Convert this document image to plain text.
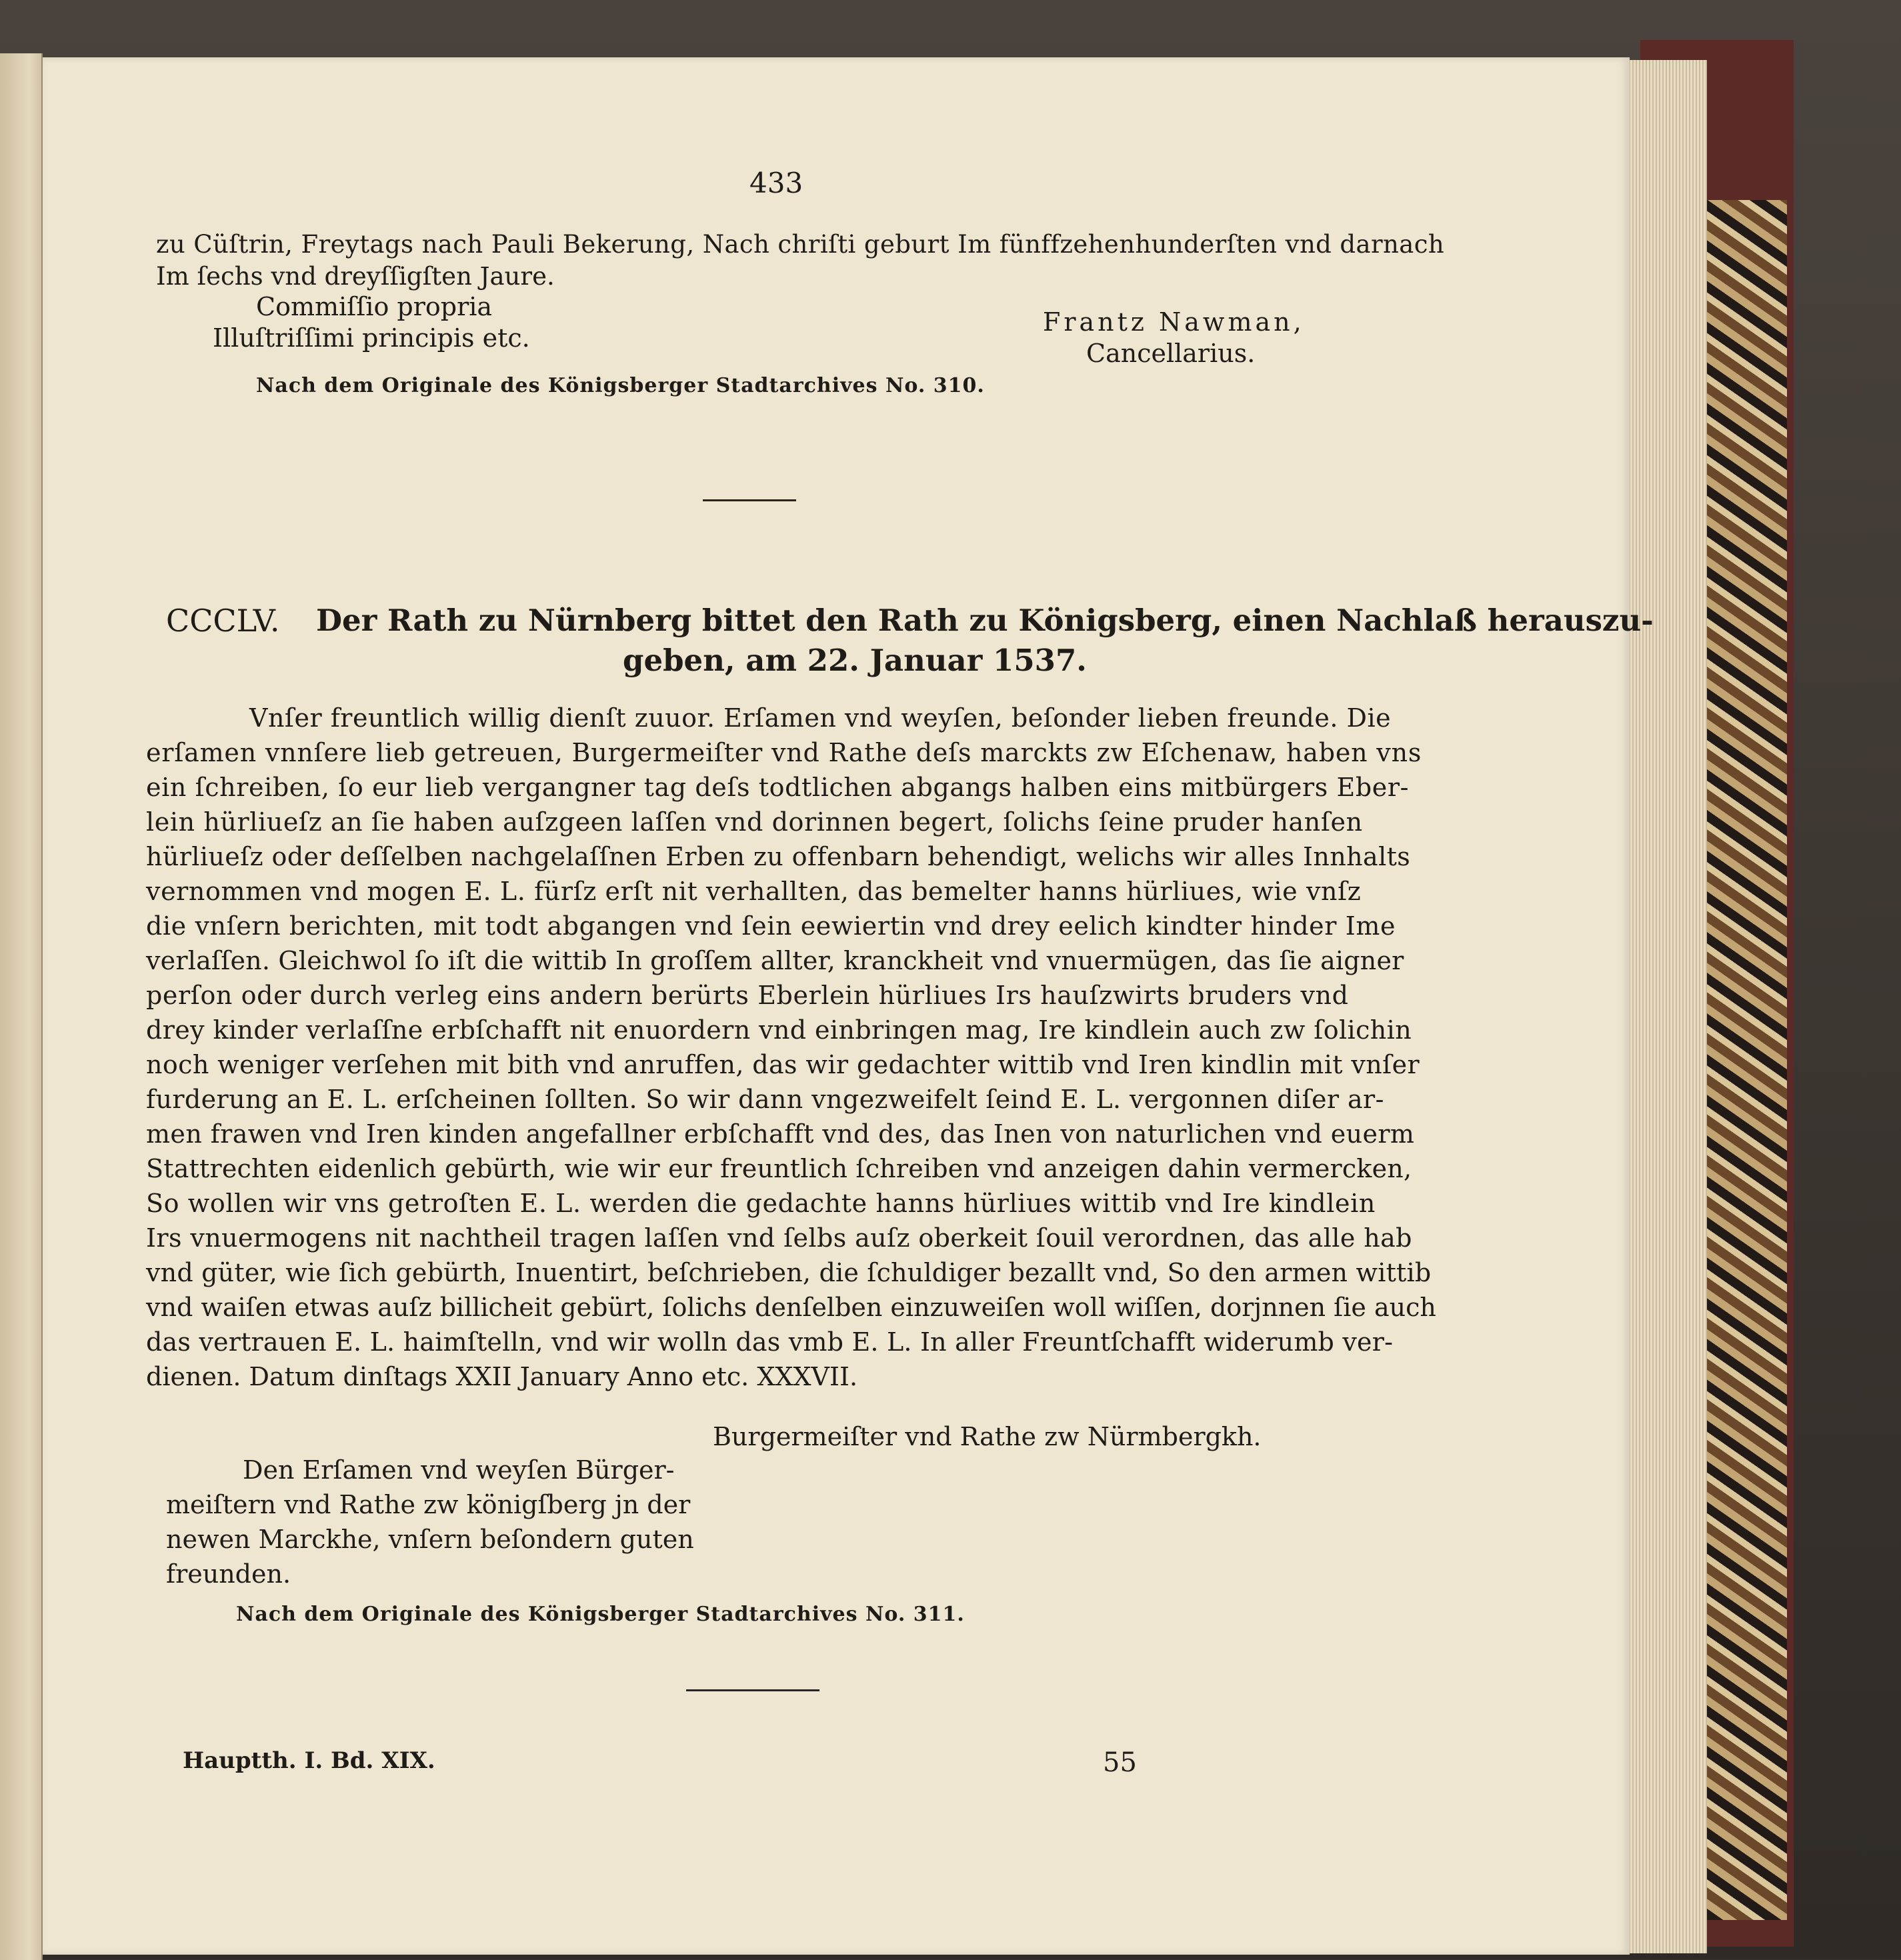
433
zu Cüſtrin, Freytags nach Pauli Bekerung, Nach chriſti geburt Im fünffzehenhunderſten vnd darnach
Im ſechs vnd dreyſſigſten Jaure.
Commiſſio propria
Illuſtriſſimi principis etc.
Frantz Nawman,
Cancellarius.
Nach dem Originale des Königsberger Stadtarchives No. 310.
CCCLV. Der Rath zu Nürnberg bittet den Rath zu Königsberg, einen Nachlaß herauszu-
geben, am 22. Januar 1537.
Vnſer freuntlich willig dienſt zuuor. Erſamen vnd weyſen, beſonder lieben freunde. Die
erſamen vnnſere lieb getreuen, Burgermeiſter vnd Rathe deſs marckts zw Eſchenaw, haben vns
ein ſchreiben, ſo eur lieb vergangner tag deſs todtlichen abgangs halben eins mitbürgers Eber-
lein hürliueſz an ſie haben auſzgeen laſſen vnd dorinnen begert, ſolichs ſeine pruder hanſen
hürliueſz oder deſſelben nachgelaſſnen Erben zu offenbarn behendigt, welichs wir alles Innhalts
vernommen vnd mogen E. L. fürſz erſt nit verhallten, das bemelter hanns hürliues, wie vnſz
die vnſern berichten, mit todt abgangen vnd ſein eewiertin vnd drey eelich kindter hinder Ime
verlaſſen. Gleichwol ſo iſt die wittib In groſſem allter, kranckheit vnd vnuermügen, das ſie aigner
perſon oder durch verleg eins andern berürts Eberlein hürliues Irs hauſzwirts bruders vnd
drey kinder verlaſſne erbſchafft nit enuordern vnd einbringen mag, Ire kindlein auch zw ſolichin
noch weniger verſehen mit bith vnd anruffen, das wir gedachter wittib vnd Iren kindlin mit vnſer
furderung an E. L. erſcheinen ſollten. So wir dann vngezweifelt ſeind E. L. vergonnen diſer ar-
men frawen vnd Iren kinden angefallner erbſchafft vnd des, das Inen von naturlichen vnd euerm
Stattrechten eidenlich gebürth, wie wir eur freuntlich ſchreiben vnd anzeigen dahin vermercken,
So wollen wir vns getroſten E. L. werden die gedachte hanns hürliues wittib vnd Ire kindlein
Irs vnuermogens nit nachtheil tragen laſſen vnd ſelbs auſz oberkeit ſouil verordnen, das alle hab
vnd güter, wie ſich gebürth, Inuentirt, beſchrieben, die ſchuldiger bezallt vnd, So den armen wittib
vnd waiſen etwas auſz billicheit gebürt, ſolichs denſelben einzuweiſen woll wiſſen, dorjnnen ſie auch
das vertrauen E. L. haimſtelln, vnd wir wolln das vmb E. L. In aller Freuntſchafft widerumb ver-
dienen. Datum dinſtags XXII January Anno etc. XXXVII.
Burgermeiſter vnd Rathe zw Nürmbergkh.
Den Erſamen vnd weyſen Bürger-
meiſtern vnd Rathe zw königſberg jn der
newen Marckhe, vnſern beſondern guten
freunden.
Nach dem Originale des Königsberger Stadtarchives No. 311.
Hauptth. I. Bd. XIX.	55
